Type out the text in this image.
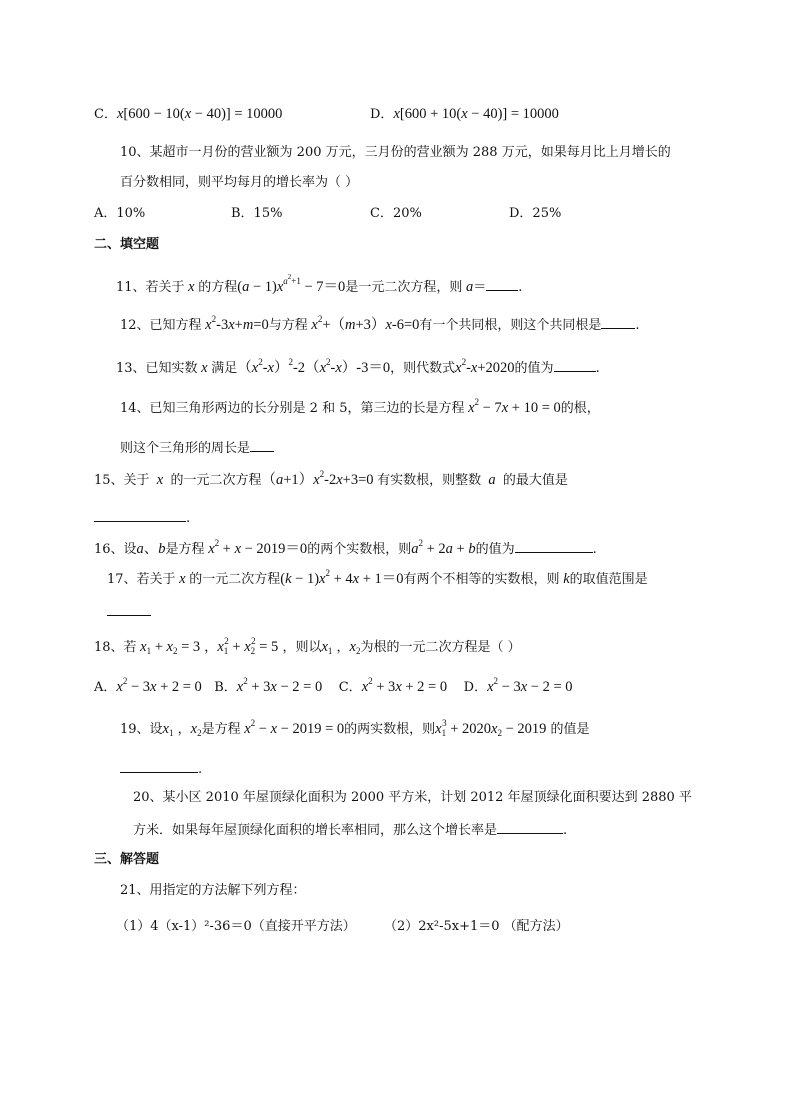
C．x[600 − 10(x − 40)] = 10000	D．x[600 + 10(x − 40)] = 10000
10、某超市一月份的营业额为 200 万元，三月份的营业额为 288 万元，如果每月比上月增长的
百分数相同，则平均每月的增长率为（ ）
A．10%	B．15%	C．20%	D．25%
二、填空题
11、若关于 x 的方程$(a - 1)x^{a^2+1} - 7=0$是一元二次方程，则 a＝ .
12、已知方程 $x^2-3x+m=0$与方程 $x^2+(m+3)x-6=0$有一个共同根，则这个共同根是	.
13、已知实数 x 满足$(x^2-x)^2-2(x^2-x)-3=0$，则代数式$x^2-x+2020$的值为	.
14、已知三角形两边的长分别是 2 和 5，第三边的长是方程 $x^2 - 7x + 10 = 0$的根，
则这个三角形的周长是
15、关于  x  的一元二次方程$(a+1)x^2-2x+3=0$ 有实数根，则整数  a  的最大值是
.
16、设a、b是方程 $x^2 + x - 2019=0$的两个实数根，则$a^2 + 2a + b$的值为	.
17、若关于 x 的一元二次方程$(k - 1)x^2 + 4x + 1=0$有两个不相等的实数根，则 k的取值范围是
18、若 $x_1 + x_2 = 3$ ，$x_1^2 + x_2^2 = 5$ ，则以$x_1$ ，$x_2$为根的一元二次方程是（ ）
A．$x^2 - 3x + 2 = 0$ B．$x^2 + 3x - 2 = 0$ C．$x^2 + 3x + 2 = 0$ D．$x^2 - 3x - 2 = 0$
19、设$x_1$ ，$x_2$是方程 $x^2 - x - 2019 = 0$的两实数根，则$x_1^3 + 2020x_2 - 2019$ 的值是
.
20、某小区 2010 年屋顶绿化面积为 2000 平方米，计划 2012 年屋顶绿化面积要达到 2880 平
方米．如果每年屋顶绿化面积的增长率相同，那么这个增长率是	.
三、解答题
21、用指定的方法解下列方程：
（1）4（x-1）²-36＝0（直接开平方法） （2）2x²-5x+1＝0 （配方法）
